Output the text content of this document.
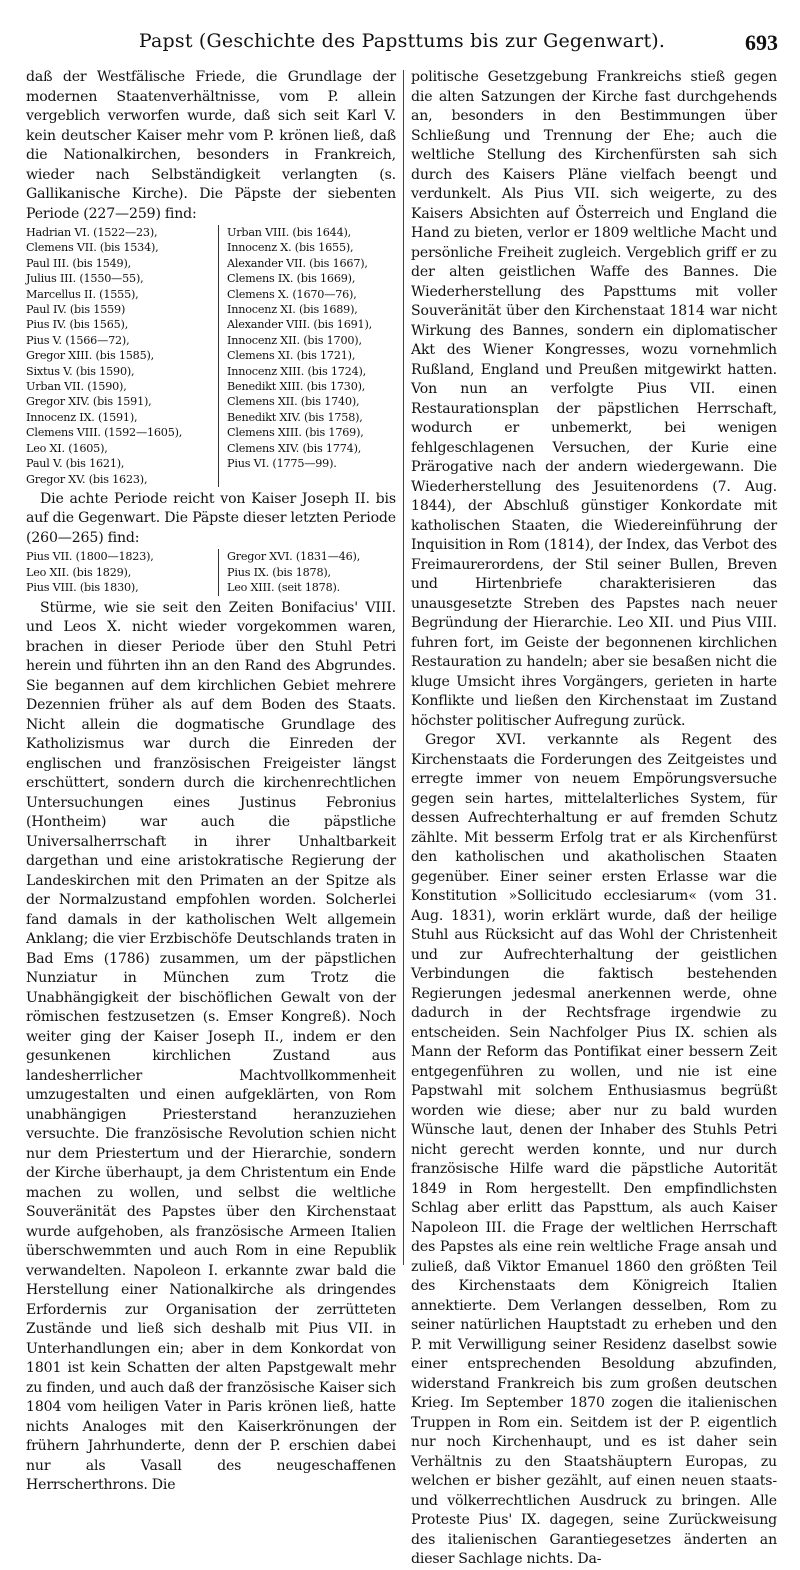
Papst (Geschichte des Papsttums bis zur Gegenwart).	693

daß der Westfälische Friede, die Grundlage der modernen Staatenverhältnisse, vom P. allein vergeblich verworfen wurde, daß sich seit Karl V. kein deutscher Kaiser mehr vom P. krönen ließ, daß die Nationalkirchen, besonders in Frankreich, wieder nach Selbständigkeit verlangten (s. Gallikanische Kirche). Die Päpste der siebenten Periode (227—259) find:

Hadrian VI. (1522—23),
Clemens VII. (bis 1534),
Paul III. (bis 1549),
Julius III. (1550—55),
Marcellus II. (1555),
Paul IV. (bis 1559)
Pius IV. (bis 1565),
Pius V. (1566—72),
Gregor XIII. (bis 1585),
Sixtus V. (bis 1590),
Urban VII. (1590),
Gregor XIV. (bis 1591),
Innocenz IX. (1591),
Clemens VIII. (1592—1605),
Leo XI. (1605),
Paul V. (bis 1621),
Gregor XV. (bis 1623),
Urban VIII. (bis 1644),
Innocenz X. (bis 1655),
Alexander VII. (bis 1667),
Clemens IX. (bis 1669),
Clemens X. (1670—76),
Innocenz XI. (bis 1689),
Alexander VIII. (bis 1691),
Innocenz XII. (bis 1700),
Clemens XI. (bis 1721),
Innocenz XIII. (bis 1724),
Benedikt XIII. (bis 1730),
Clemens XII. (bis 1740),
Benedikt XIV. (bis 1758),
Clemens XIII. (bis 1769),
Clemens XIV. (bis 1774),
Pius VI. (1775—99).

Die achte Periode reicht von Kaiser Joseph II. bis auf die Gegenwart. Die Päpste dieser letzten Periode (260—265) find:

Pius VII. (1800—1823),
Leo XII. (bis 1829),
Pius VIII. (bis 1830),
Gregor XVI. (1831—46),
Pius IX. (bis 1878),
Leo XIII. (seit 1878).

Stürme, wie sie seit den Zeiten Bonifacius' VIII. und Leos X. nicht wieder vorgekommen waren, brachen in dieser Periode über den Stuhl Petri herein und führten ihn an den Rand des Abgrundes. Sie begannen auf dem kirchlichen Gebiet mehrere Dezennien früher als auf dem Boden des Staats. Nicht allein die dogmatische Grundlage des Katholizismus war durch die Einreden der englischen und französischen Freigeister längst erschüttert, sondern durch die kirchenrechtlichen Untersuchungen eines Justinus Febronius (Hontheim) war auch die päpstliche Universalherrschaft in ihrer Unhaltbarkeit dargethan und eine aristokratische Regierung der Landeskirchen mit den Primaten an der Spitze als der Normalzustand empfohlen worden. Solcherlei fand damals in der katholischen Welt allgemein Anklang; die vier Erzbischöfe Deutschlands traten in Bad Ems (1786) zusammen, um der päpstlichen Nunziatur in München zum Trotz die Unabhängigkeit der bischöflichen Gewalt von der römischen festzusetzen (s. Emser Kongreß). Noch weiter ging der Kaiser Joseph II., indem er den gesunkenen kirchlichen Zustand aus landesherrlicher Machtvollkommenheit umzugestalten und einen aufgeklärten, von Rom unabhängigen Priesterstand heranzuziehen versuchte. Die französische Revolution schien nicht nur dem Priestertum und der Hierarchie, sondern der Kirche überhaupt, ja dem Christentum ein Ende machen zu wollen, und selbst die weltliche Souveränität des Papstes über den Kirchenstaat wurde aufgehoben, als französische Armeen Italien überschwemmten und auch Rom in eine Republik verwandelten. Napoleon I. erkannte zwar bald die Herstellung einer Nationalkirche als dringendes Erfordernis zur Organisation der zerrütteten Zustände und ließ sich deshalb mit Pius VII. in Unterhandlungen ein; aber in dem Konkordat von 1801 ist kein Schatten der alten Papstgewalt mehr zu finden, und auch daß der französische Kaiser sich 1804 vom heiligen Vater in Paris krönen ließ, hatte nichts Analoges mit den Kaiserkrönungen der frühern Jahrhunderte, denn der P. erschien dabei nur als Vasall des neugeschaffenen Herrscherthrons. Die

politische Gesetzgebung Frankreichs stieß gegen die alten Satzungen der Kirche fast durchgehends an, besonders in den Bestimmungen über Schließung und Trennung der Ehe; auch die weltliche Stellung des Kirchenfürsten sah sich durch des Kaisers Pläne vielfach beengt und verdunkelt. Als Pius VII. sich weigerte, zu des Kaisers Absichten auf Österreich und England die Hand zu bieten, verlor er 1809 weltliche Macht und persönliche Freiheit zugleich. Vergeblich griff er zu der alten geistlichen Waffe des Bannes. Die Wiederherstellung des Papsttums mit voller Souveränität über den Kirchenstaat 1814 war nicht Wirkung des Bannes, sondern ein diplomatischer Akt des Wiener Kongresses, wozu vornehmlich Rußland, England und Preußen mitgewirkt hatten. Von nun an verfolgte Pius VII. einen Restaurationsplan der päpstlichen Herrschaft, wodurch er unbemerkt, bei wenigen fehlgeschlagenen Versuchen, der Kurie eine Prärogative nach der andern wiedergewann. Die Wiederherstellung des Jesuitenordens (7. Aug. 1844), der Abschluß günstiger Konkordate mit katholischen Staaten, die Wiedereinführung der Inquisition in Rom (1814), der Index, das Verbot des Freimaurerordens, der Stil seiner Bullen, Breven und Hirtenbriefe charakterisieren das unausgesetzte Streben des Papstes nach neuer Begründung der Hierarchie. Leo XII. und Pius VIII. fuhren fort, im Geiste der begonnenen kirchlichen Restauration zu handeln; aber sie besaßen nicht die kluge Umsicht ihres Vorgängers, gerieten in harte Konflikte und ließen den Kirchenstaat im Zustand höchster politischer Aufregung zurück.

Gregor XVI. verkannte als Regent des Kirchenstaats die Forderungen des Zeitgeistes und erregte immer von neuem Empörungsversuche gegen sein hartes, mittelalterliches System, für dessen Aufrechterhaltung er auf fremden Schutz zählte. Mit besserm Erfolg trat er als Kirchenfürst den katholischen und akatholischen Staaten gegenüber. Einer seiner ersten Erlasse war die Konstitution »Sollicitudo ecclesiarum« (vom 31. Aug. 1831), worin erklärt wurde, daß der heilige Stuhl aus Rücksicht auf das Wohl der Christenheit und zur Aufrechterhaltung der geistlichen Verbindungen die faktisch bestehenden Regierungen jedesmal anerkennen werde, ohne dadurch in der Rechtsfrage irgendwie zu entscheiden. Sein Nachfolger Pius IX. schien als Mann der Reform das Pontifikat einer bessern Zeit entgegenführen zu wollen, und nie ist eine Papstwahl mit solchem Enthusiasmus begrüßt worden wie diese; aber nur zu bald wurden Wünsche laut, denen der Inhaber des Stuhls Petri nicht gerecht werden konnte, und nur durch französische Hilfe ward die päpstliche Autorität 1849 in Rom hergestellt. Den empfindlichsten Schlag aber erlitt das Papsttum, als auch Kaiser Napoleon III. die Frage der weltlichen Herrschaft des Papstes als eine rein weltliche Frage ansah und zuließ, daß Viktor Emanuel 1860 den größten Teil des Kirchenstaats dem Königreich Italien annektierte. Dem Verlangen desselben, Rom zu seiner natürlichen Hauptstadt zu erheben und den P. mit Verwilligung seiner Residenz daselbst sowie einer entsprechenden Besoldung abzufinden, widerstand Frankreich bis zum großen deutschen Krieg. Im September 1870 zogen die italienischen Truppen in Rom ein. Seitdem ist der P. eigentlich nur noch Kirchenhaupt, und es ist daher sein Verhältnis zu den Staatshäuptern Europas, zu welchen er bisher gezählt, auf einen neuen staats- und völkerrechtlichen Ausdruck zu bringen. Alle Proteste Pius' IX. dagegen, seine Zurückweisung des italienischen Garantiegesetzes änderten an dieser Sachlage nichts. Da-
